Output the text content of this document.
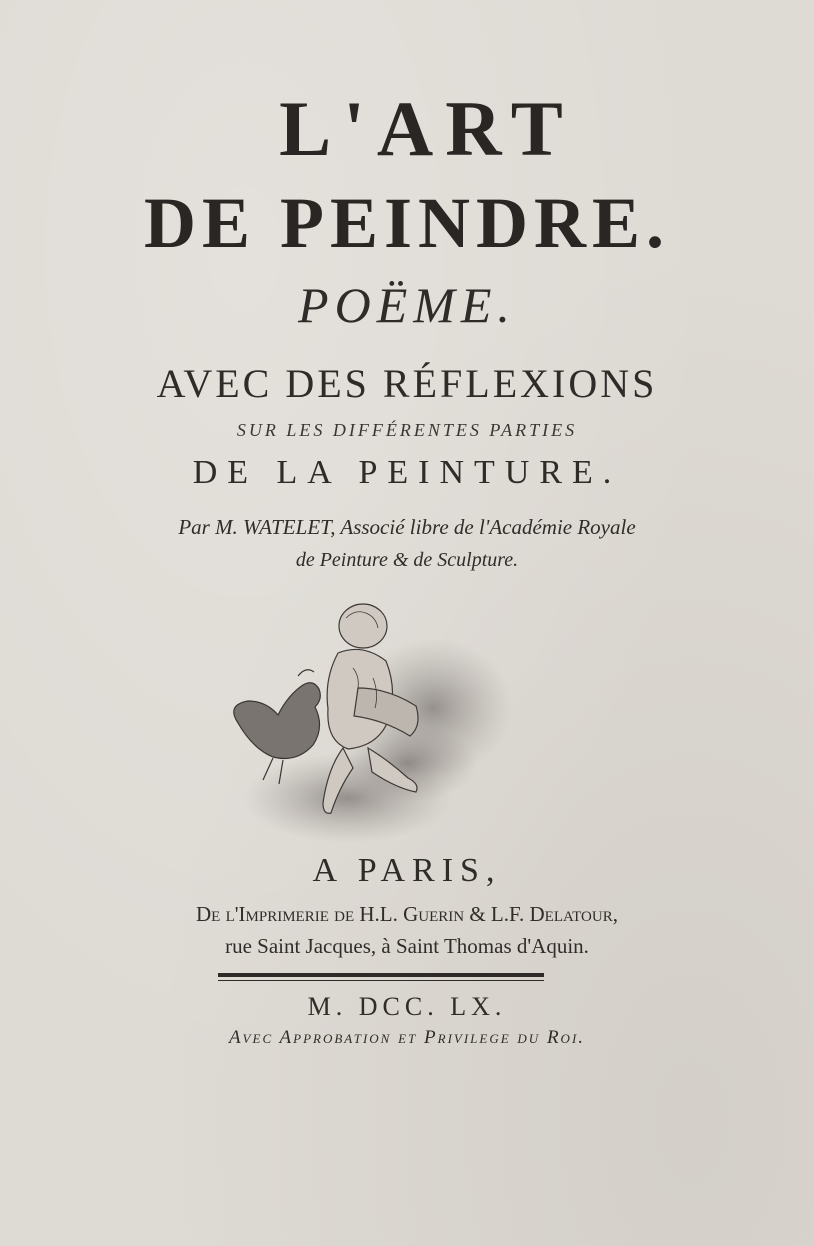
L'ART
DE PEINDRE.
POËME.
AVEC DES RÉFLEXIONS
SUR LES DIFFÉRENTES PARTIES
DE LA PEINTURE.
Par M. WATELET, Associé libre de l'Académie Royale
de Peinture & de Sculpture.
A PARIS,
De l'Imprimerie de H.L. Guerin & L.F. Delatour,
rue Saint Jacques, à Saint Thomas d'Aquin.
M. DCC. LX.
Avec Approbation et Privilege du Roi.
